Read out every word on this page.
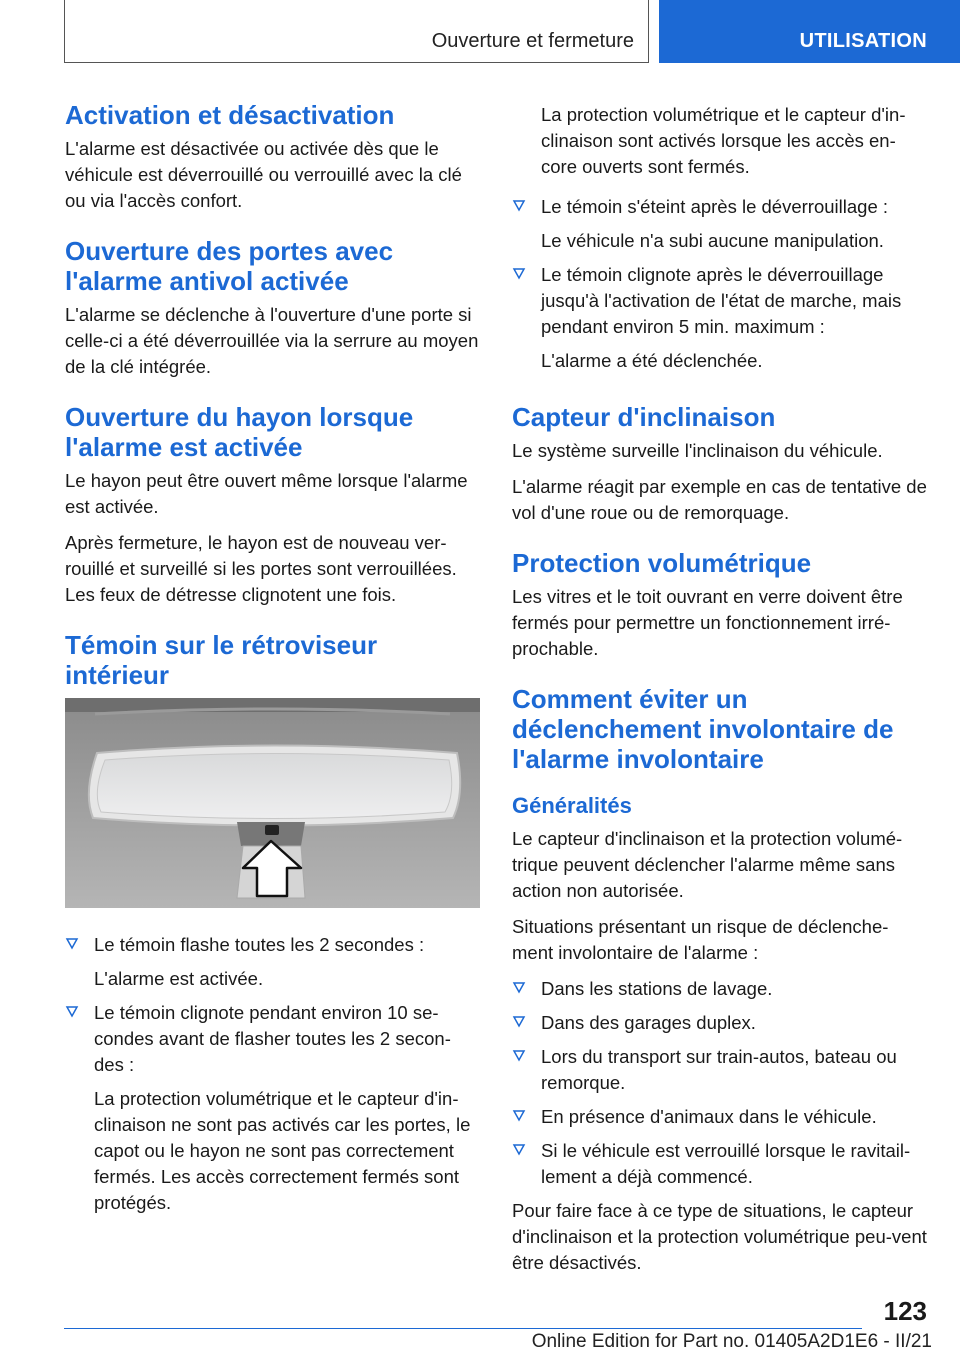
Ouverture et fermeture	UTILISATION
Activation et désactivation

L'alarme est désactivée ou activée dès que le véhicule est déverrouillé ou verrouillé avec la clé ou via l'accès confort.

Ouverture des portes avec l'alarme antivol activée

L'alarme se déclenche à l'ouverture d'une porte si celle-ci a été déverrouillée via la serrure au moyen de la clé intégrée.

Ouverture du hayon lorsque l'alarme est activée

Le hayon peut être ouvert même lorsque l'alarme est activée.

Après fermeture, le hayon est de nouveau ver‐rouillé et surveillé si les portes sont verrouillées. Les feux de détresse clignotent une fois.

Témoin sur le rétroviseur intérieur

Le témoin flashe toutes les 2 secondes :

L'alarme est activée.

Le témoin clignote pendant environ 10 se‐condes avant de flasher toutes les 2 secon‐des :

La protection volumétrique et le capteur d'in‐clinaison ne sont pas activés car les portes, le capot ou le hayon ne sont pas correctement fermés. Les accès correctement fermés sont protégés.

La protection volumétrique et le capteur d'in‐clinaison sont activés lorsque les accès en‐core ouverts sont fermés.

Le témoin s'éteint après le déverrouillage :

Le véhicule n'a subi aucune manipulation.

Le témoin clignote après le déverrouillage jusqu'à l'activation de l'état de marche, mais pendant environ 5 min. maximum :

L'alarme a été déclenchée.

Capteur d'inclinaison

Le système surveille l'inclinaison du véhicule.

L'alarme réagit par exemple en cas de tentative de vol d'une roue ou de remorquage.

Protection volumétrique

Les vitres et le toit ouvrant en verre doivent être fermés pour permettre un fonctionnement irré‐prochable.

Comment éviter un déclenchement involontaire de l'alarme involontaire
Généralités

Le capteur d'inclinaison et la protection volumé‐trique peuvent déclencher l'alarme même sans action non autorisée.

Situations présentant un risque de déclenche‐ment involontaire de l'alarme :

Dans les stations de lavage.

Dans des garages duplex.

Lors du transport sur train-autos, bateau ou remorque.

En présence d'animaux dans le véhicule.

Si le véhicule est verrouillé lorsque le ravitail‐lement a déjà commencé.

Pour faire face à ce type de situations, le capteur d'inclinaison et la protection volumétrique peu‐vent être désactivés.

123
Online Edition for Part no. 01405A2D1E6 - II/21
